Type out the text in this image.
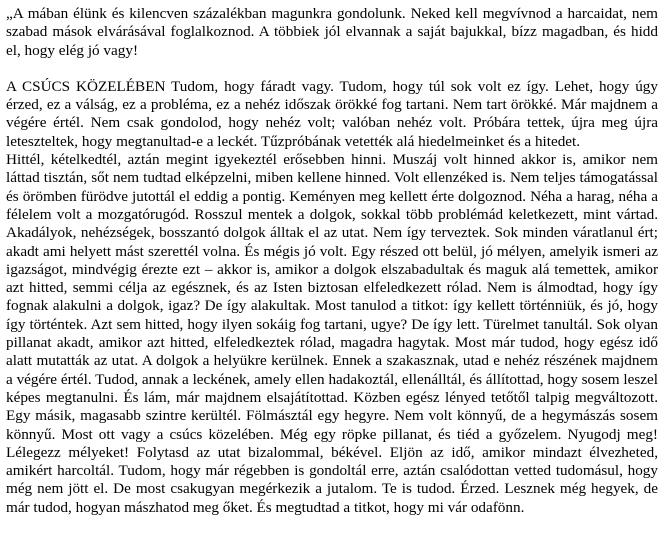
„A mában élünk és kilencven százalékban magunkra gondolunk. Neked kell megvívnod a harcaidat, nem szabad mások elvárásával foglalkoznod. A többiek jól elvannak a saját bajukkal, bízz magadban, és hidd el, hogy elég jó vagy!

A CSÚCS KÖZELÉBEN Tudom, hogy fáradt vagy. Tudom, hogy túl sok volt ez így. Lehet, hogy úgy érzed, ez a válság, ez a probléma, ez a nehéz időszak örökké fog tartani. Nem tart örökké. Már majdnem a végére értél. Nem csak gondolod, hogy nehéz volt; valóban nehéz volt. Próbára tettek, újra meg újra leteszteltek, hogy megtanultad-e a leckét. Tűzpróbának vetették alá hiedelmeinket és a hitedet.
Hittél, kételkedtél, aztán megint igyekeztél erősebben hinni. Muszáj volt hinned akkor is, amikor nem láttad tisztán, sőt nem tudtad elképzelni, miben kellene hinned. Volt ellenzéked is. Nem teljes támogatással és örömben fürödve jutottál el eddig a pontig. Keményen meg kellett érte dolgoznod. Néha a harag, néha a félelem volt a mozgatórugód. Rosszul mentek a dolgok, sokkal több problémád keletkezett, mint vártad. Akadályok, nehézségek, bosszantó dolgok álltak el az utat. Nem így terveztek. Sok minden váratlanul ért; akadt ami helyett mást szerettél volna. És mégis jó volt. Egy részed ott belül, jó mélyen, amelyik ismeri az igazságot, mindvégig érezte ezt – akkor is, amikor a dolgok elszabadultak és maguk alá temettek, amikor azt hitted, semmi célja az egésznek, és az Isten biztosan elfeledkezett rólad. Nem is álmodtad, hogy így fognak alakulni a dolgok, igaz? De így alakultak. Most tanulod a titkot: így kellett történniük, és jó, hogy így történtek. Azt sem hitted, hogy ilyen sokáig fog tartani, ugye? De így lett. Türelmet tanultál. Sok olyan pillanat akadt, amikor azt hitted, elfeledkeztek rólad, magadra hagytak. Most már tudod, hogy egész idő alatt mutatták az utat. A dolgok a helyükre kerülnek. Ennek a szakasznak, utad e nehéz részének majdnem a végére értél. Tudod, annak a leckének, amely ellen hadakoztál, ellenálltál, és állítottad, hogy sosem leszel képes megtanulni. És lám, már majdnem elsajátítottad. Közben egész lényed tetőtől talpig megváltozott. Egy másik, magasabb szintre kerültél. Fölmásztál egy hegyre. Nem volt könnyű, de a hegymászás sosem könnyű. Most ott vagy a csúcs közelében. Még egy röpke pillanat, és tiéd a győzelem. Nyugodj meg! Lélegezz mélyeket! Folytasd az utat bizalommal, békével. Eljön az idő, amikor mindazt élvezheted, amikért harcoltál. Tudom, hogy már régebben is gondoltál erre, aztán csalódottan vetted tudomásul, hogy még nem jött el. De most csakugyan megérkezik a jutalom. Te is tudod. Érzed. Lesznek még hegyek, de már tudod, hogyan mászhatod meg őket. És megtudtad a titkot, hogy mi vár odafönn.
